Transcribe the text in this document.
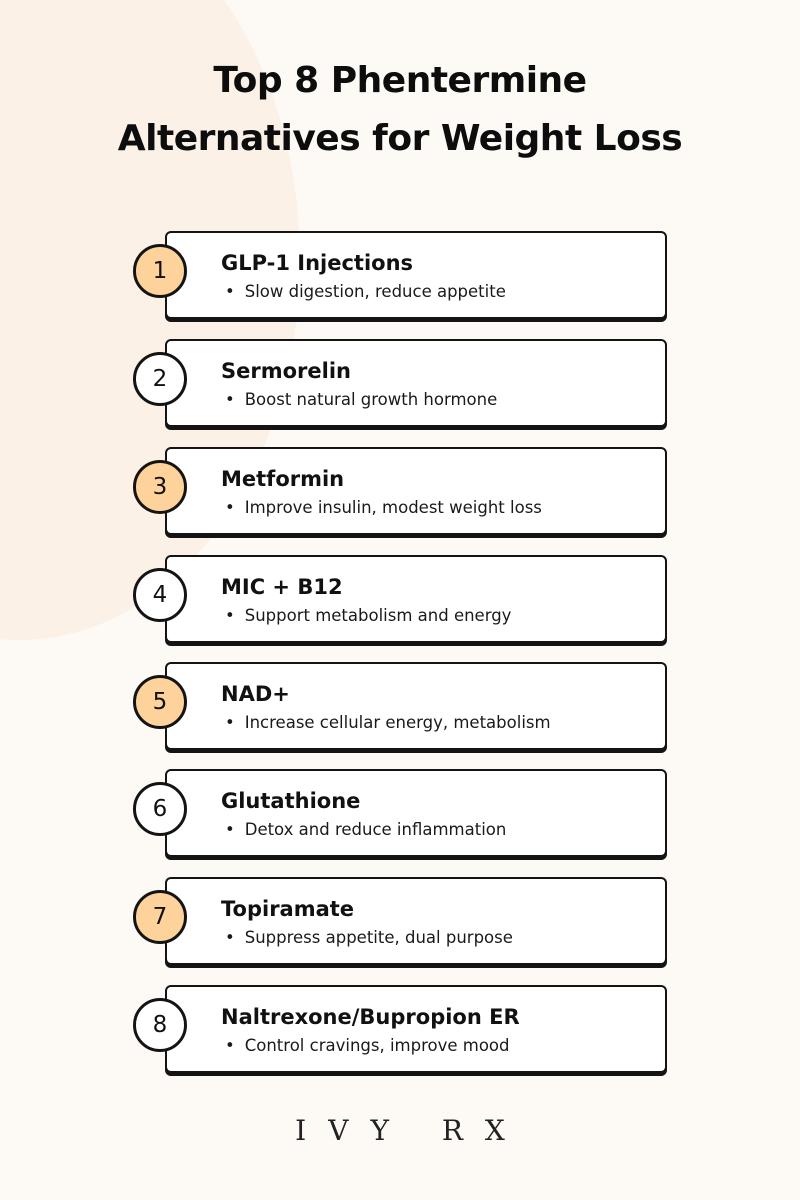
Top 8 Phentermine
Alternatives for Weight Loss
1	GLP-1 Injections
• Slow digestion, reduce appetite
2	Sermorelin
• Boost natural growth hormone
3	Metformin
• Improve insulin, modest weight loss
4	MIC + B12
• Support metabolism and energy
5	NAD+
• Increase cellular energy, metabolism
6	Glutathione
• Detox and reduce inflammation
7	Topiramate
• Suppress appetite, dual purpose
8	Naltrexone/Bupropion ER
• Control cravings, improve mood
IVY RX
